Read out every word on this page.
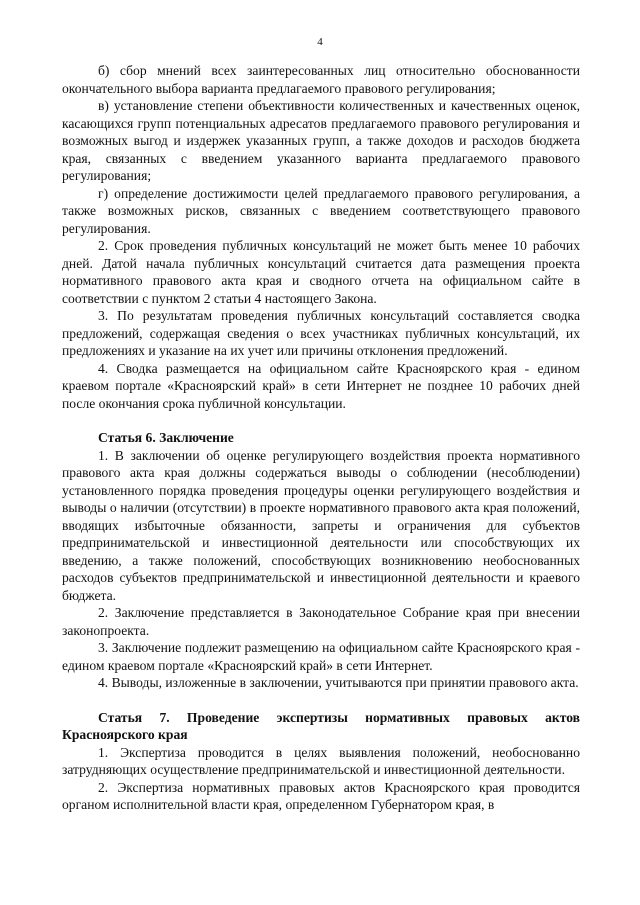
4

б) сбор мнений всех заинтересованных лиц относительно обоснованности окончательного выбора варианта предлагаемого правового регулирования;

в) установление степени объективности количественных и качественных оценок, касающихся групп потенциальных адресатов предлагаемого правового регулирования и возможных выгод и издержек указанных групп, а также доходов и расходов бюджета края, связанных с введением указанного варианта предлагаемого правового регулирования;

г) определение достижимости целей предлагаемого правового регулирования, а также возможных рисков, связанных с введением соответствующего правового регулирования.

2. Срок проведения публичных консультаций не может быть менее 10 рабочих дней. Датой начала публичных консультаций считается дата размещения проекта нормативного правового акта края и сводного отчета на официальном сайте в соответствии с пунктом 2 статьи 4 настоящего Закона.

3. По результатам проведения публичных консультаций составляется сводка предложений, содержащая сведения о всех участниках публичных консультаций, их предложениях и указание на их учет или причины отклонения предложений.

4. Сводка размещается на официальном сайте Красноярского края - едином краевом портале «Красноярский край» в сети Интернет не позднее 10 рабочих дней после окончания срока публичной консультации.

Статья 6. Заключение

1. В заключении об оценке регулирующего воздействия проекта нормативного правового акта края должны содержаться выводы о соблюдении (несоблюдении) установленного порядка проведения процедуры оценки регулирующего воздействия и выводы о наличии (отсутствии) в проекте нормативного правового акта края положений, вводящих избыточные обязанности, запреты и ограничения для субъектов предпринимательской и инвестиционной деятельности или способствующих их введению, а также положений, способствующих возникновению необоснованных расходов субъектов предпринимательской и инвестиционной деятельности и краевого бюджета.

2. Заключение представляется в Законодательное Собрание края при внесении законопроекта.

3. Заключение подлежит размещению на официальном сайте Красноярского края - едином краевом портале «Красноярский край» в сети Интернет.

4. Выводы, изложенные в заключении, учитываются при принятии правового акта.

Статья 7. Проведение экспертизы нормативных правовых актов Красноярского края

1. Экспертиза проводится в целях выявления положений, необоснованно затрудняющих осуществление предпринимательской и инвестиционной деятельности.

2. Экспертиза нормативных правовых актов Красноярского края проводится органом исполнительной власти края, определенном Губернатором края, в
